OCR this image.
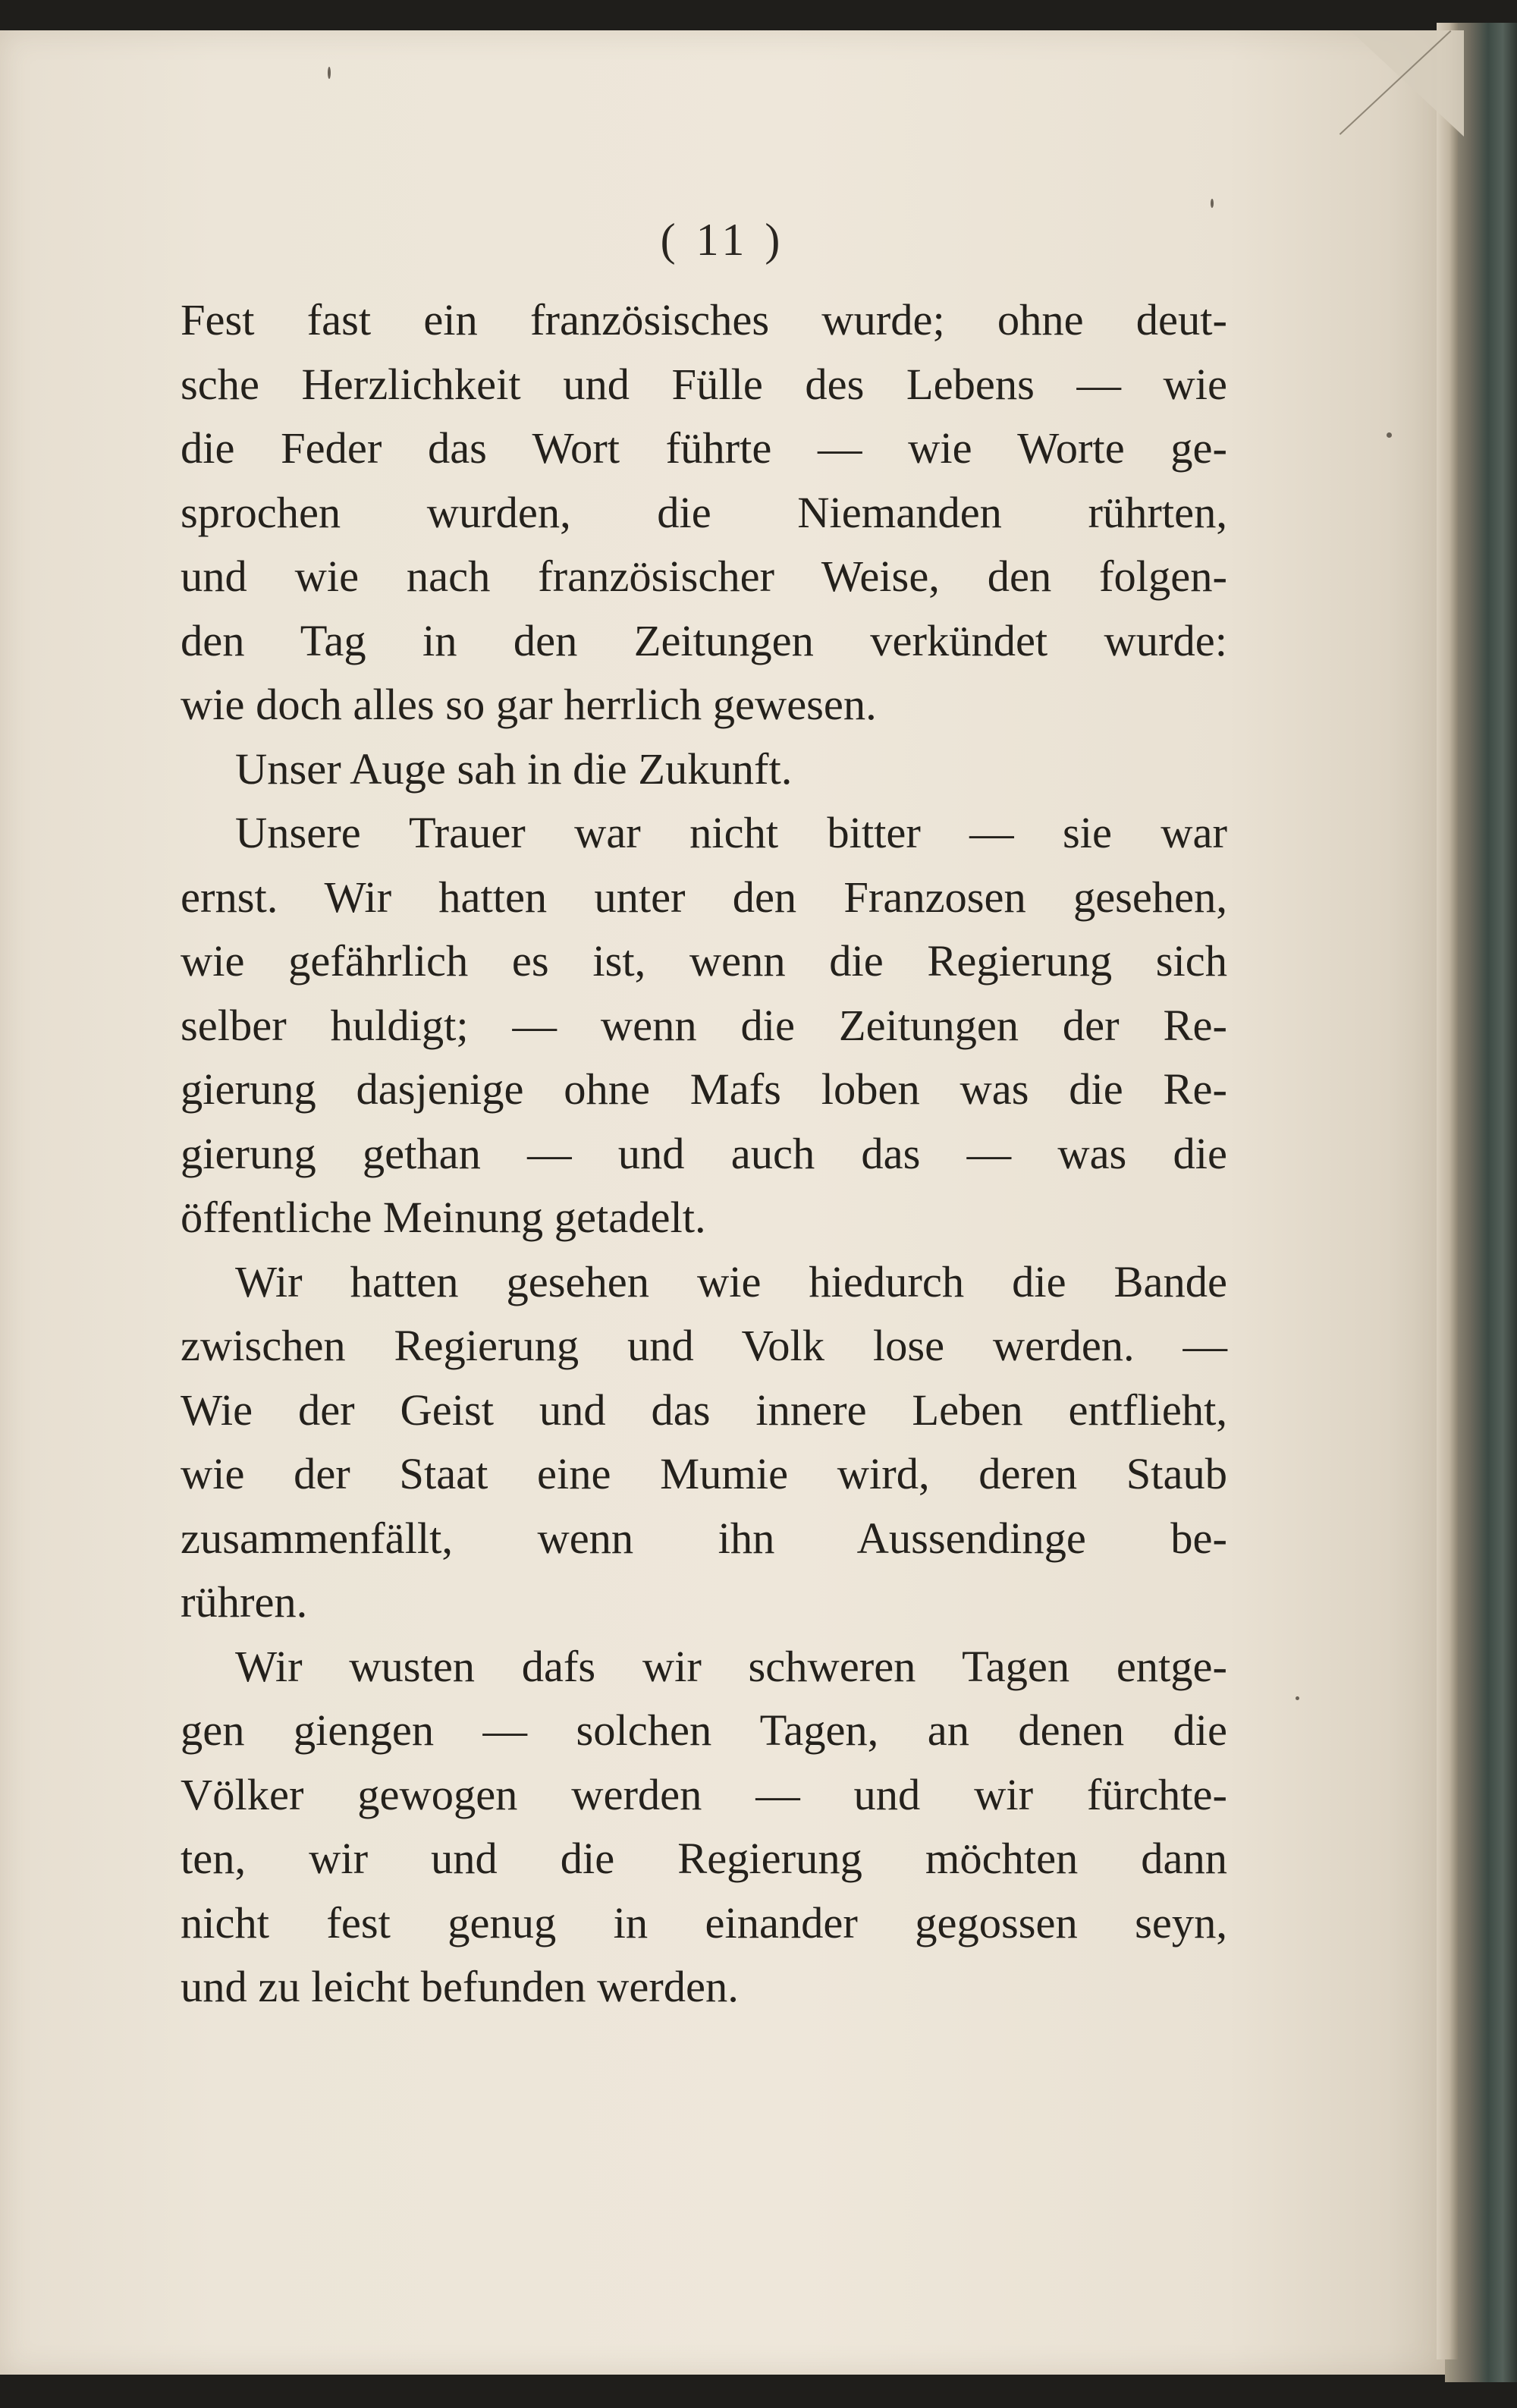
( 11 )
Fest fast ein französisches wurde; ohne deut-
sche Herzlichkeit und Fülle des Lebens — wie
die Feder das Wort führte — wie Worte ge-
sprochen wurden, die Niemanden rührten,
und wie nach französischer Weise, den folgen-
den Tag in den Zeitungen verkündet wurde:
wie doch alles so gar herrlich gewesen.
Unser Auge sah in die Zukunft.
Unsere Trauer war nicht bitter — sie war
ernst. Wir hatten unter den Franzosen gesehen,
wie gefährlich es ist, wenn die Regierung sich
selber huldigt; — wenn die Zeitungen der Re-
gierung dasjenige ohne Mafs loben was die Re-
gierung gethan — und auch das — was die
öffentliche Meinung getadelt.
Wir hatten gesehen wie hiedurch die Bande
zwischen Regierung und Volk lose werden. —
Wie der Geist und das innere Leben entflieht,
wie der Staat eine Mumie wird, deren Staub
zusammenfällt, wenn ihn Aussendinge be-
rühren.
Wir wusten dafs wir schweren Tagen entge-
gen giengen — solchen Tagen, an denen die
Völker gewogen werden — und wir fürchte-
ten, wir und die Regierung möchten dann
nicht fest genug in einander gegossen seyn,
und zu leicht befunden werden.
